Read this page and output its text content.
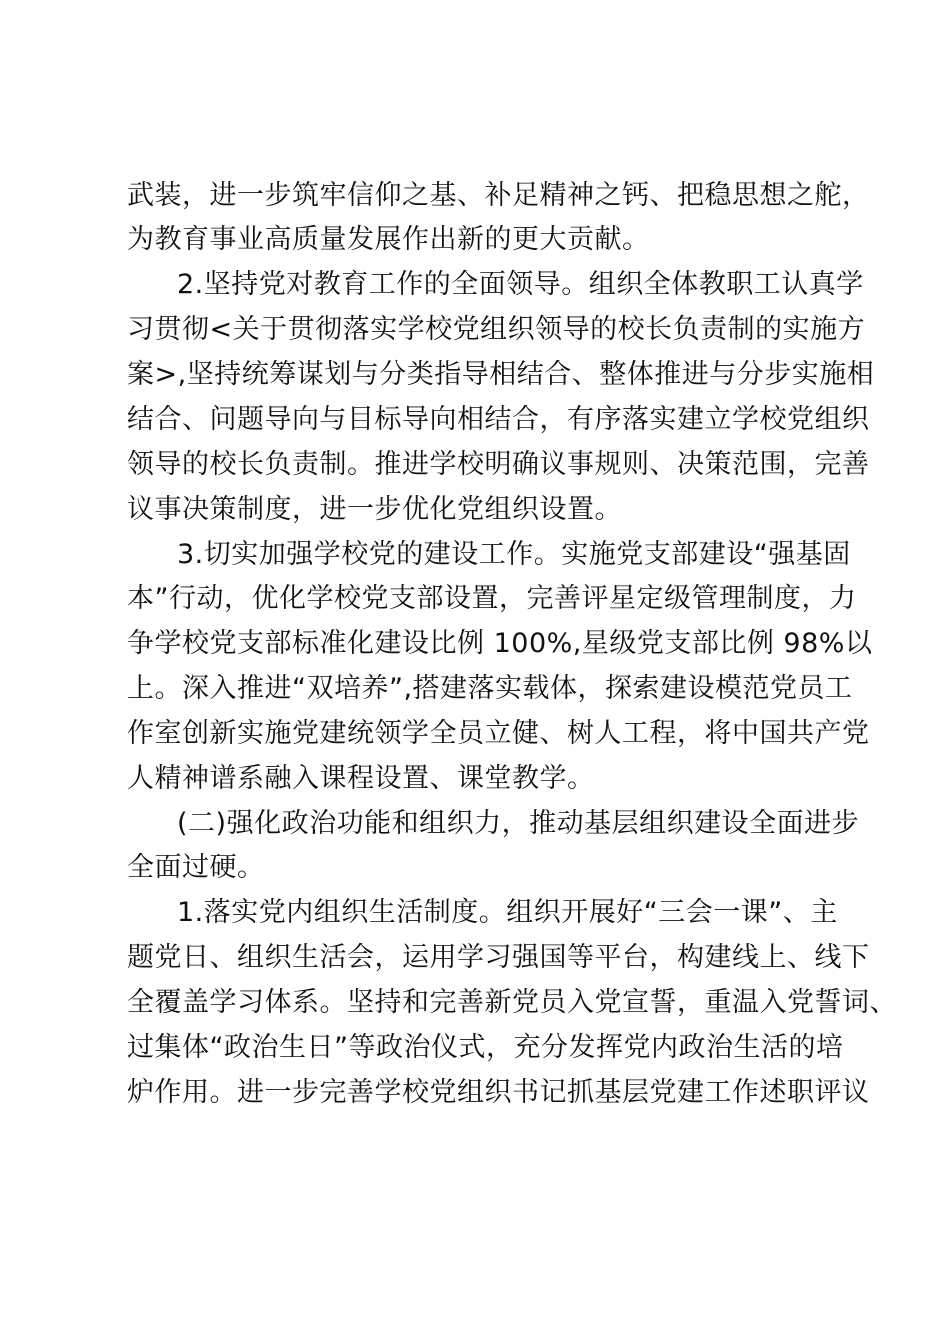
武装，进一步筑牢信仰之基、补足精神之钙、把稳思想之舵，
为教育事业高质量发展作出新的更大贡献。
2.坚持党对教育工作的全面领导。组织全体教职工认真学
习贯彻<关于贯彻落实学校党组织领导的校长负责制的实施方
案>,坚持统筹谋划与分类指导相结合、整体推进与分步实施相
结合、问题导向与目标导向相结合，有序落实建立学校党组织
领导的校长负责制。推进学校明确议事规则、决策范围，完善
议事决策制度，进一步优化党组织设置。
3.切实加强学校党的建设工作。实施党支部建设“强基固
本”行动，优化学校党支部设置，完善评星定级管理制度，力
争学校党支部标准化建设比例 100%,星级党支部比例 98%以
上。深入推进“双培养”,搭建落实载体，探索建设模范党员工
作室创新实施党建统领学全员立健、树人工程，将中国共产党
人精神谱系融入课程设置、课堂教学。
(二)强化政治功能和组织力，推动基层组织建设全面进步
全面过硬。
1.落实党内组织生活制度。组织开展好“三会一课”、主
题党日、组织生活会，运用学习强国等平台，构建线上、线下
全覆盖学习体系。坚持和完善新党员入党宣誓，重温入党誓词、
过集体“政治生日”等政治仪式，充分发挥党内政治生活的培
炉作用。进一步完善学校党组织书记抓基层党建工作述职评议
